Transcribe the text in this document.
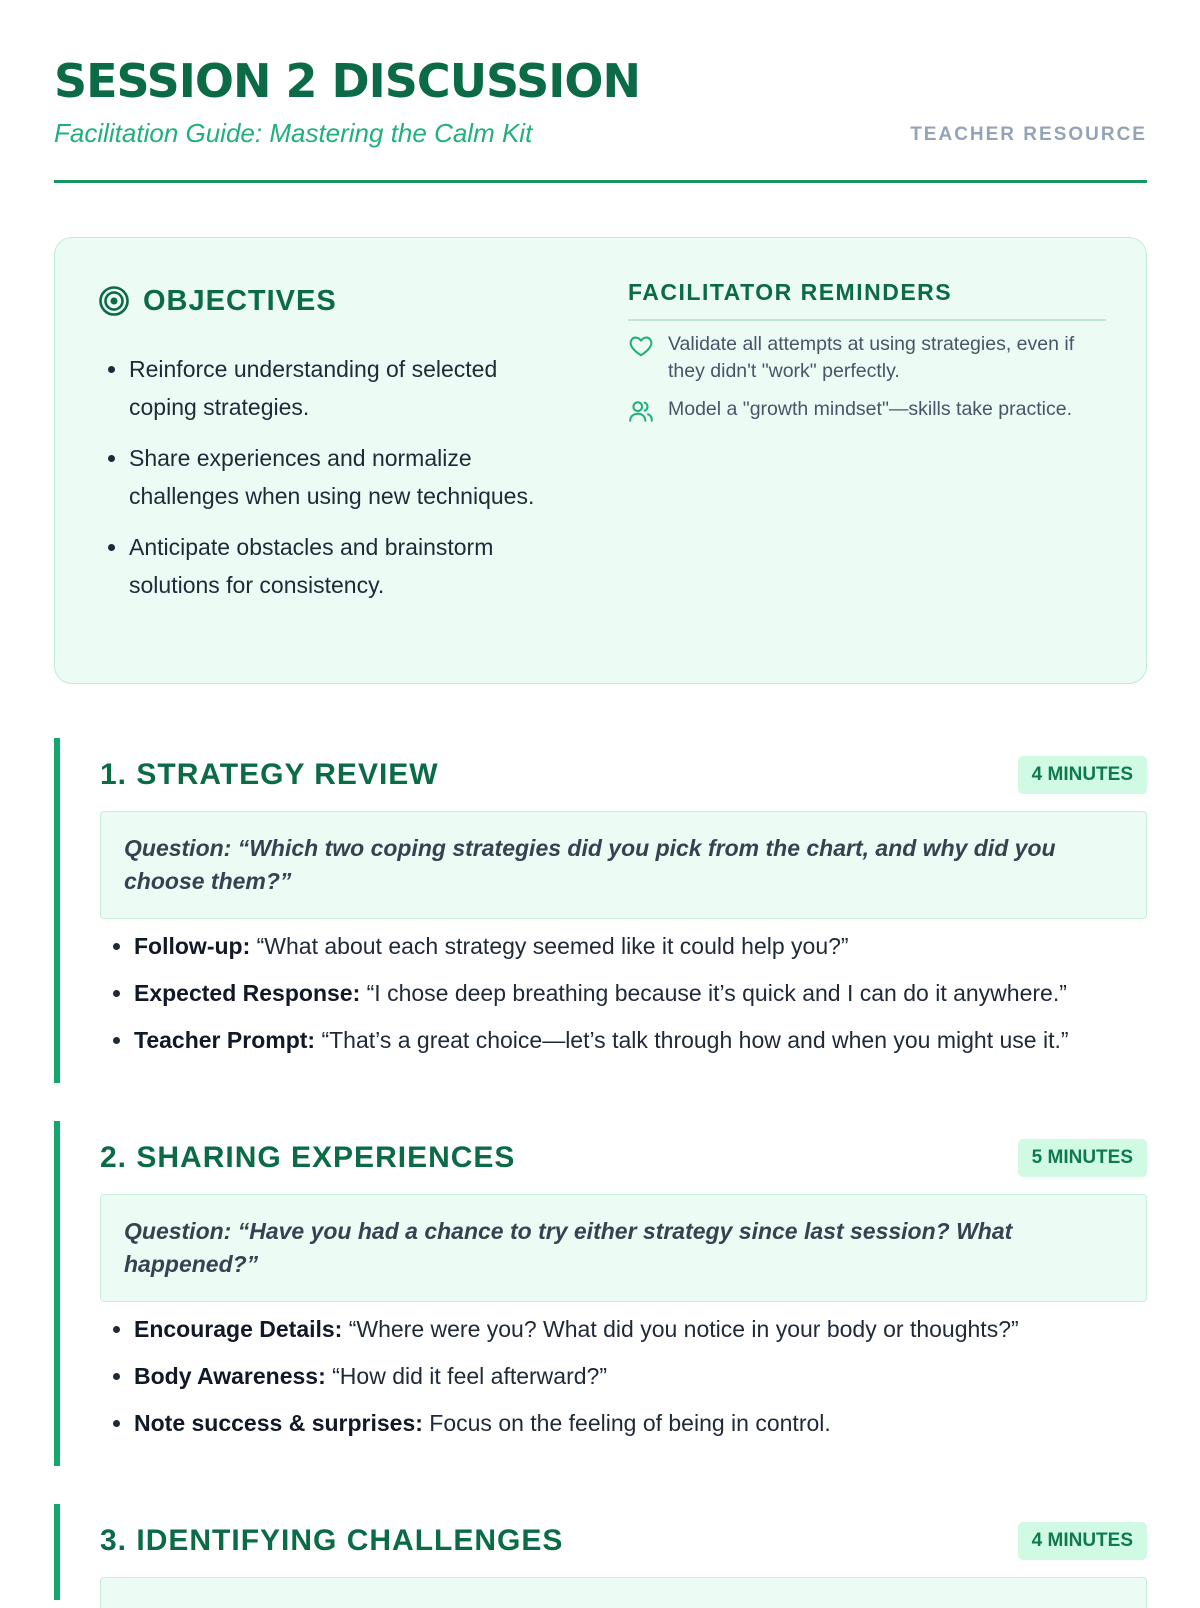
SESSION 2 DISCUSSION
Facilitation Guide: Mastering the Calm Kit	TEACHER RESOURCE
OBJECTIVES
• Reinforce understanding of selected coping strategies.
• Share experiences and normalize challenges when using new techniques.
• Anticipate obstacles and brainstorm solutions for consistency.
FACILITATOR REMINDERS
Validate all attempts at using strategies, even if they didn't "work" perfectly.
Model a "growth mindset"—skills take practice.
1. STRATEGY REVIEW	4 MINUTES
Question: “Which two coping strategies did you pick from the chart, and why did you choose them?”
• Follow-up: “What about each strategy seemed like it could help you?”
• Expected Response: “I chose deep breathing because it’s quick and I can do it anywhere.”
• Teacher Prompt: “That’s a great choice—let’s talk through how and when you might use it.”
2. SHARING EXPERIENCES	5 MINUTES
Question: “Have you had a chance to try either strategy since last session? What happened?”
• Encourage Details: “Where were you? What did you notice in your body or thoughts?”
• Body Awareness: “How did it feel afterward?”
• Note success & surprises: Focus on the feeling of being in control.
3. IDENTIFYING CHALLENGES	4 MINUTES
